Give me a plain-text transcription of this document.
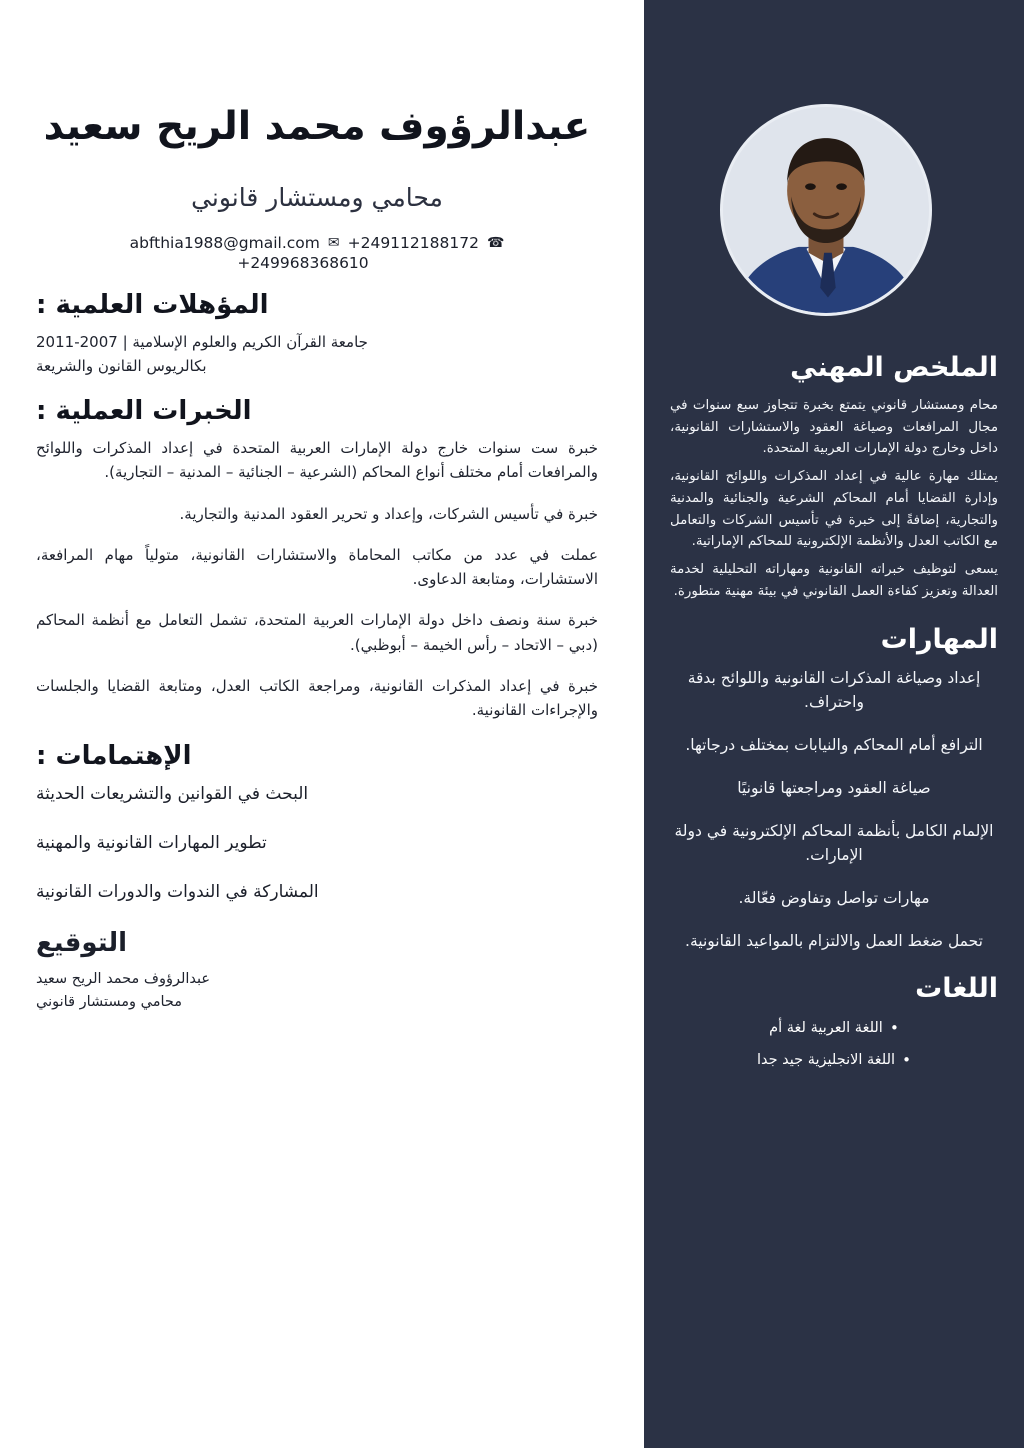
الملخص المهني

محام ومستشار قانوني يتمتع بخبرة تتجاوز سبع سنوات في مجال المرافعات وصياغة العقود والاستشارات القانونية، داخل وخارج دولة الإمارات العربية المتحدة.

يمتلك مهارة عالية في إعداد المذكرات واللوائح القانونية، وإدارة القضايا أمام المحاكم الشرعية والجنائية والمدنية والتجارية، إضافةً إلى خبرة في تأسيس الشركات والتعامل مع الكاتب العدل والأنظمة الإلكترونية للمحاكم الإماراتية.

يسعى لتوظيف خبراته القانونية ومهاراته التحليلية لخدمة العدالة وتعزيز كفاءة العمل القانوني في بيئة مهنية متطورة.

المهارات

إعداد وصياغة المذكرات القانونية واللوائح بدقة واحتراف.

الترافع أمام المحاكم والنيابات بمختلف درجاتها.

صياغة العقود ومراجعتها قانونيًا

الإلمام الكامل بأنظمة المحاكم الإلكترونية في دولة الإمارات.

مهارات تواصل وتفاوض فعّالة.

تحمل ضغط العمل والالتزام بالمواعيد القانونية.

اللغات
• اللغة العربية لغة أم
• اللغة الانجليزية جيد جدا
عبدالرؤوف محمد الريح سعيد
محامي ومستشار قانوني
☎
+249112188172
✉
abfthia1988@gmail.com
+249968368610
المؤهلات العلمية :

جامعة القرآن الكريم والعلوم الإسلامية | 2007-2011

بكالريوس القانون والشريعة

الخبرات العملية :

خبرة ست سنوات خارج دولة الإمارات العربية المتحدة في إعداد المذكرات واللوائح والمرافعات أمام مختلف أنواع المحاكم (الشرعية – الجنائية – المدنية – التجارية).

خبرة في تأسيس الشركات، وإعداد و تحرير العقود المدنية والتجارية.

عملت في عدد من مكاتب المحاماة والاستشارات القانونية، متولياً مهام المرافعة، الاستشارات، ومتابعة الدعاوى.

خبرة سنة ونصف داخل دولة الإمارات العربية المتحدة، تشمل التعامل مع أنظمة المحاكم (دبي – الاتحاد – رأس الخيمة – أبوظبي).

خبرة في إعداد المذكرات القانونية، ومراجعة الكاتب العدل، ومتابعة القضايا والجلسات والإجراءات القانونية.

الإهتمامات :

البحث في القوانين والتشريعات الحديثة

تطوير المهارات القانونية والمهنية

المشاركة في الندوات والدورات القانونية

التوقيع

عبدالرؤوف محمد الريح سعيد

محامي ومستشار قانوني
